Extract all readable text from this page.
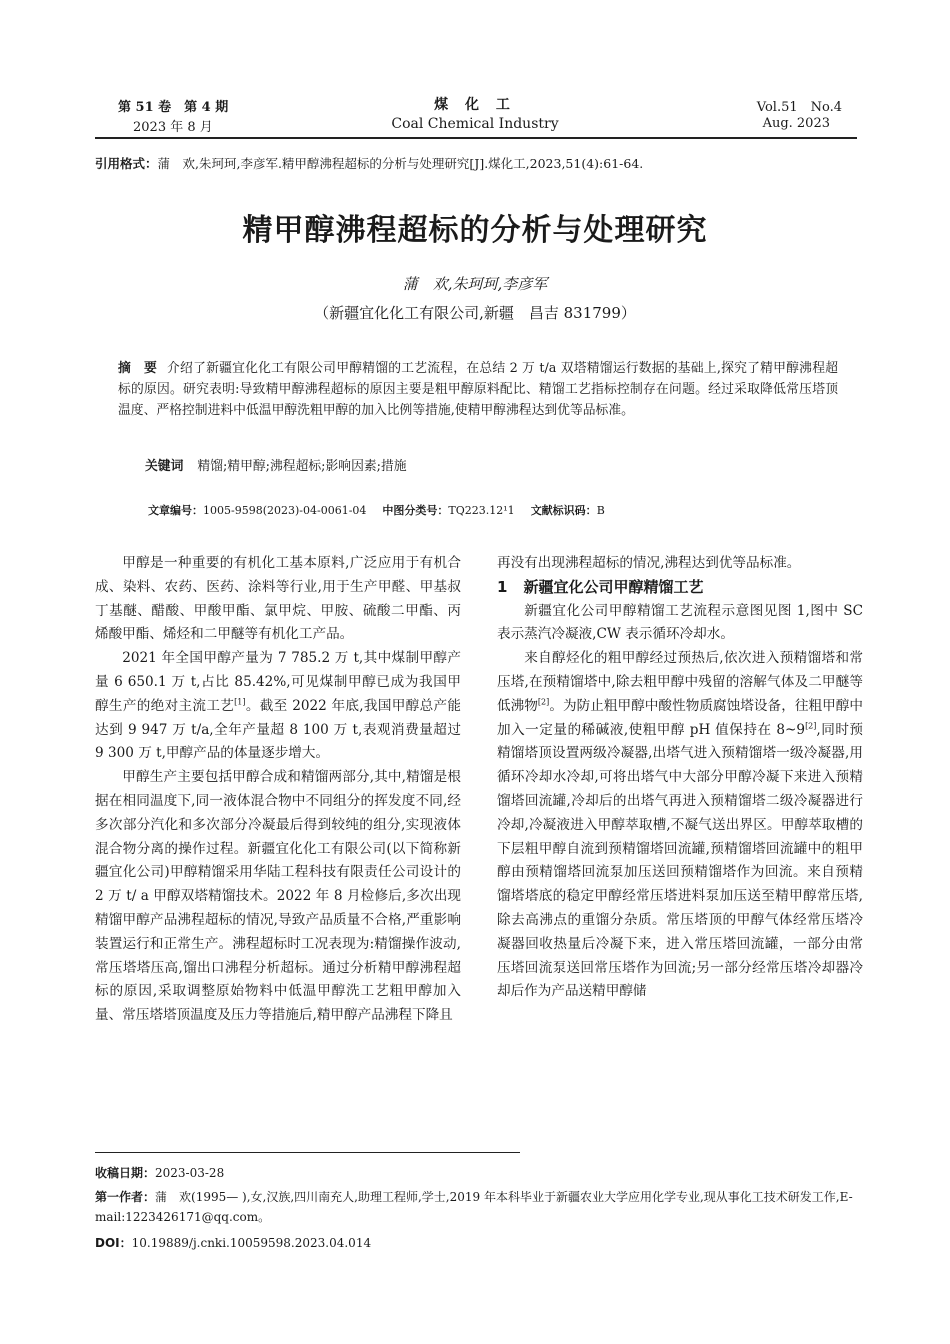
第 51 卷　第 4 期
2023 年 8 月
煤 化 工
Coal Chemical Industry
Vol.51　No.4
Aug. 2023
引用格式：蒲　欢,朱珂珂,李彦军.精甲醇沸程超标的分析与处理研究[J].煤化工,2023,51(4):61-64.
精甲醇沸程超标的分析与处理研究
蒲　欢,朱珂珂,李彦军
（新疆宜化化工有限公司,新疆　昌吉 831799）
摘　要 介绍了新疆宜化化工有限公司甲醇精馏的工艺流程，在总结 2 万 t/a 双塔精馏运行数据的基础上,探究了精甲醇沸程超标的原因。研究表明:导致精甲醇沸程超标的原因主要是粗甲醇原料配比、精馏工艺指标控制存在问题。经过采取降低常压塔顶温度、严格控制进料中低温甲醇洗粗甲醇的加入比例等措施,使精甲醇沸程达到优等品标准。
关键词 精馏;精甲醇;沸程超标;影响因素;措施
文章编号：1005-9598(2023)-04-0061-04 中图分类号：TQ223.12¹1 文献标识码：B

甲醇是一种重要的有机化工基本原料,广泛应用于有机合成、染料、农药、医药、涂料等行业,用于生产甲醛、甲基叔丁基醚、醋酸、甲酸甲酯、氯甲烷、甲胺、硫酸二甲酯、丙烯酸甲酯、烯烃和二甲醚等有机化工产品。

2021 年全国甲醇产量为 7 785.2 万 t,其中煤制甲醇产量 6 650.1 万 t,占比 85.42%,可见煤制甲醇已成为我国甲醇生产的绝对主流工艺[1]。截至 2022 年底,我国甲醇总产能达到 9 947 万 t/a,全年产量超 8 100 万 t,表观消费量超过 9 300 万 t,甲醇产品的体量逐步增大。

甲醇生产主要包括甲醇合成和精馏两部分,其中,精馏是根据在相同温度下,同一液体混合物中不同组分的挥发度不同,经多次部分汽化和多次部分冷凝最后得到较纯的组分,实现液体混合物分离的操作过程。新疆宜化化工有限公司(以下简称新疆宜化公司)甲醇精馏采用华陆工程科技有限责任公司设计的 2 万 t/ a 甲醇双塔精馏技术。2022 年 8 月检修后,多次出现精馏甲醇产品沸程超标的情况,导致产品质量不合格,严重影响装置运行和正常生产。沸程超标时工况表现为:精馏操作波动,常压塔塔压高,馏出口沸程分析超标。通过分析精甲醇沸程超标的原因,采取调整原始物料中低温甲醇洗工艺粗甲醇加入量、常压塔塔顶温度及压力等措施后,精甲醇产品沸程下降且

再没有出现沸程超标的情况,沸程达到优等品标准。

1 新疆宜化公司甲醇精馏工艺

新疆宜化公司甲醇精馏工艺流程示意图见图 1,图中 SC 表示蒸汽冷凝液,CW 表示循环冷却水。

来自醇烃化的粗甲醇经过预热后,依次进入预精馏塔和常压塔,在预精馏塔中,除去粗甲醇中残留的溶解气体及二甲醚等低沸物[2]。为防止粗甲醇中酸性物质腐蚀塔设备，往粗甲醇中加入一定量的稀碱液,使粗甲醇 pH 值保持在 8~9[2],同时预精馏塔顶设置两级冷凝器,出塔气进入预精馏塔一级冷凝器,用循环冷却水冷却,可将出塔气中大部分甲醇冷凝下来进入预精馏塔回流罐,冷却后的出塔气再进入预精馏塔二级冷凝器进行冷却,冷凝液进入甲醇萃取槽,不凝气送出界区。甲醇萃取槽的下层粗甲醇自流到预精馏塔回流罐,预精馏塔回流罐中的粗甲醇由预精馏塔回流泵加压送回预精馏塔作为回流。来自预精馏塔塔底的稳定甲醇经常压塔进料泵加压送至精甲醇常压塔,除去高沸点的重馏分杂质。常压塔顶的甲醇气体经常压塔冷凝器回收热量后冷凝下来，进入常压塔回流罐，一部分由常压塔回流泵送回常压塔作为回流;另一部分经常压塔冷却器冷却后作为产品送精甲醇储

收稿日期：2023-03-28
第一作者：蒲　欢(1995— ),女,汉族,四川南充人,助理工程师,学士,2019 年本科毕业于新疆农业大学应用化学专业,现从事化工技术研发工作,E-mail:1223426171@qq.com。
DOI：10.19889/j.cnki.10059598.2023.04.014
